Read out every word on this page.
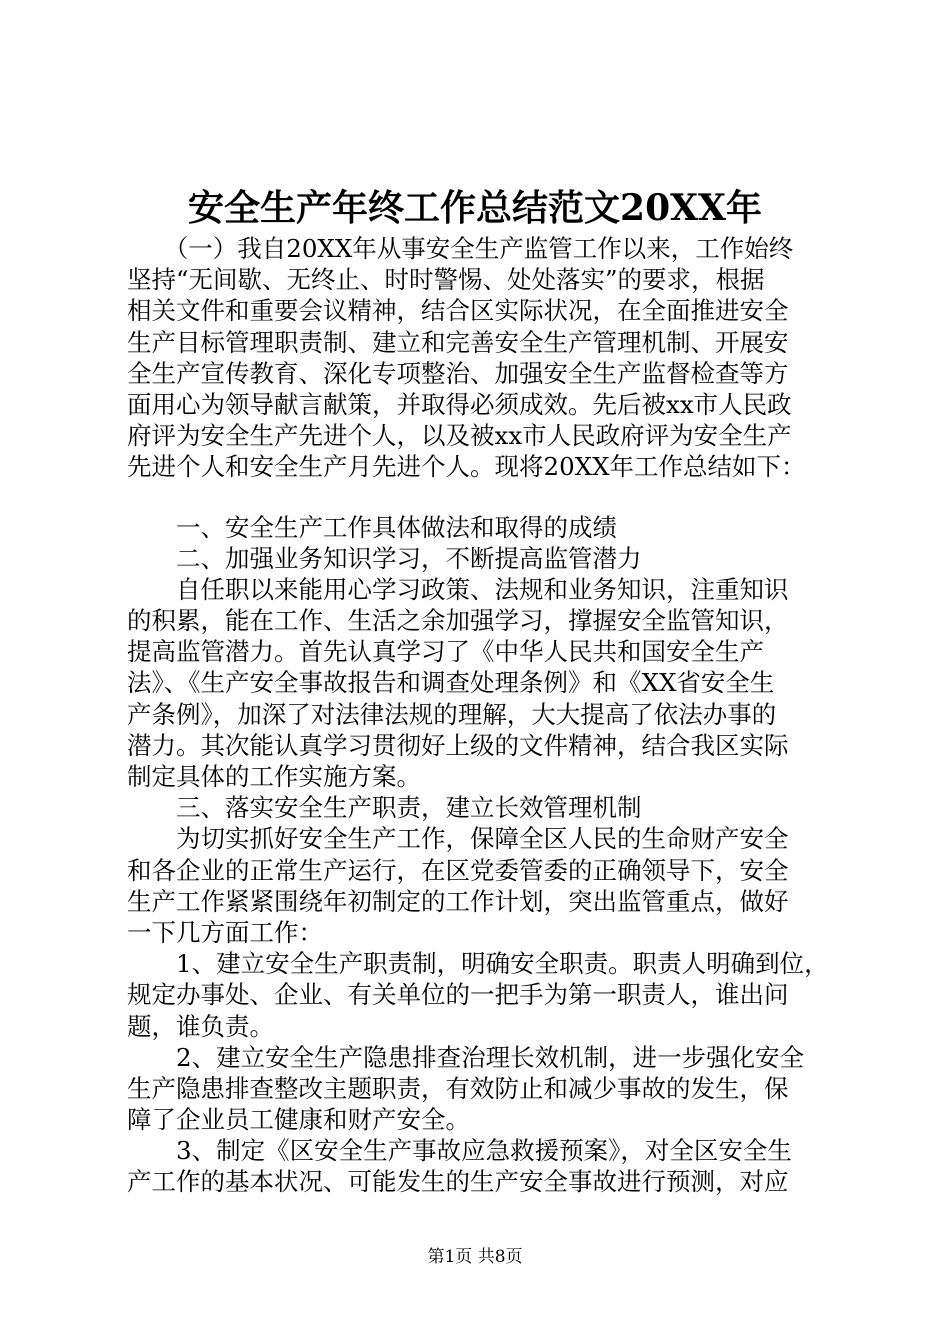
安全生产年终工作总结范文20XX年
　　（一）我自20XX年从事安全生产监管工作以来，工作始终
坚持“无间歇、无终止、时时警惕、处处落实”的要求，根据
相关文件和重要会议精神，结合区实际状况，在全面推进安全
生产目标管理职责制、建立和完善安全生产管理机制、开展安
全生产宣传教育、深化专项整治、加强安全生产监督检查等方
面用心为领导献言献策，并取得必须成效。先后被xx市人民政
府评为安全生产先进个人，以及被xx市人民政府评为安全生产
先进个人和安全生产月先进个人。现将20XX年工作总结如下：
　　一、安全生产工作具体做法和取得的成绩
　　二、加强业务知识学习，不断提高监管潜力
　　自任职以来能用心学习政策、法规和业务知识，注重知识
的积累，能在工作、生活之余加强学习，撑握安全监管知识，
提高监管潜力。首先认真学习了《中华人民共和国安全生产
法》、《生产安全事故报告和调查处理条例》和《XX省安全生
产条例》，加深了对法律法规的理解，大大提高了依法办事的
潜力。其次能认真学习贯彻好上级的文件精神，结合我区实际
制定具体的工作实施方案。
　　三、落实安全生产职责，建立长效管理机制
　　为切实抓好安全生产工作，保障全区人民的生命财产安全
和各企业的正常生产运行，在区党委管委的正确领导下，安全
生产工作紧紧围绕年初制定的工作计划，突出监管重点，做好
一下几方面工作：
　　1、建立安全生产职责制，明确安全职责。职责人明确到位，
规定办事处、企业、有关单位的一把手为第一职责人，谁出问
题，谁负责。
　　2、建立安全生产隐患排查治理长效机制，进一步强化安全
生产隐患排查整改主题职责，有效防止和减少事故的发生，保
障了企业员工健康和财产安全。
　　3、制定《区安全生产事故应急救援预案》，对全区安全生
产工作的基本状况、可能发生的生产安全事故进行预测，对应
第1页 共8页
